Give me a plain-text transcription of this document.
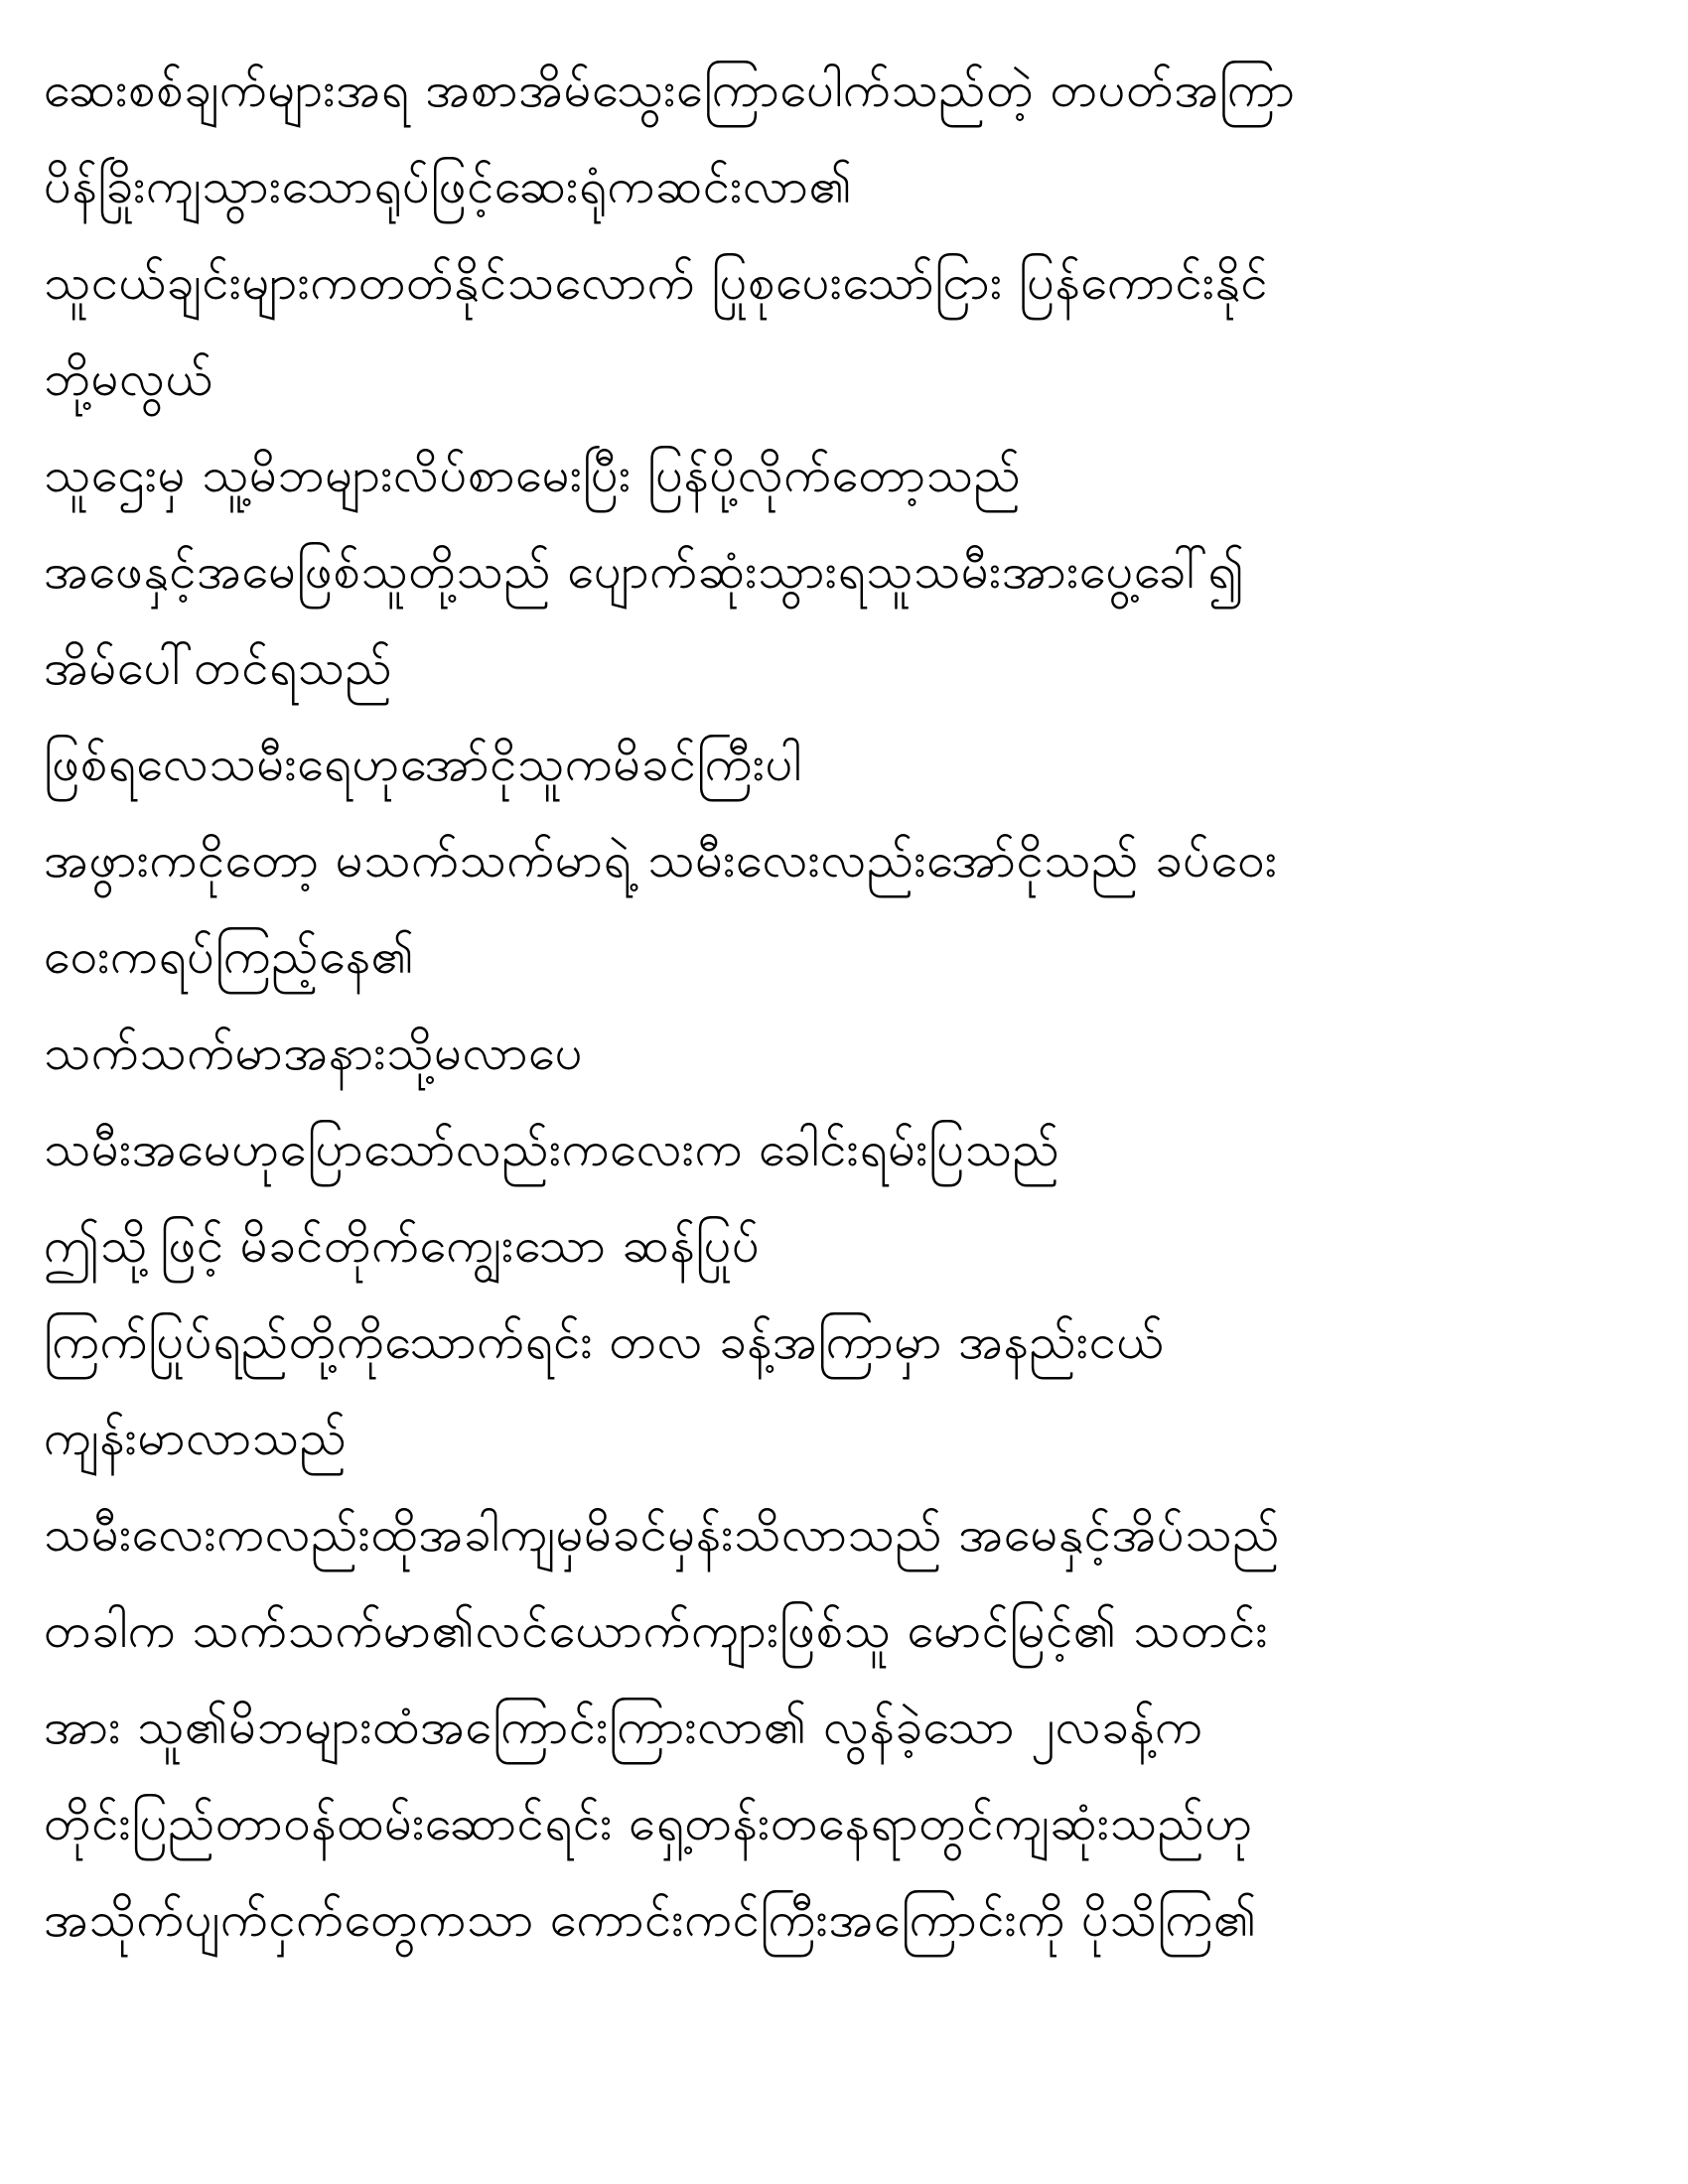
ဆေးစစ်ချက်များအရ အစာအိမ်သွေးကြောပေါက်သည်တဲ့ တပတ်အကြာ
ပိန်ခြိုးကျသွားသောရုပ်ဖြင့်ဆေးရုံကဆင်းလာ၏
သူငယ်ချင်းများကတတ်နိုင်သလောက် ပြုစုပေးသော်ငြား ပြန်ကောင်းနိုင်
ဘို့မလွယ်
သူဌေးမှ သူ့မိဘများလိပ်စာမေးပြီး ပြန်ပို့လိုက်တော့သည်
အဖေနှင့်အမေဖြစ်သူတို့သည် ပျောက်ဆုံးသွားရသူသမီးအားပွေ့ခေါ်၍
အိမ်ပေါ်တင်ရသည်
ဖြစ်ရလေသမီးရေဟုအော်ငိုသူကမိခင်ကြီးပါ
အဖွားကငိုတော့ မသက်သက်မာရဲ့ သမီးလေးလည်းအော်ငိုသည် ခပ်ဝေး
ဝေးကရပ်ကြည့်နေ၏
သက်သက်မာအနားသို့မလာပေ
သမီးအမေဟုပြောသော်လည်းကလေးက ခေါင်းရမ်းပြသည်
ဤသို့ဖြင့် မိခင်တိုက်ကျွေးသော ဆန်ပြုပ်
ကြက်ပြုပ်ရည်တို့ကိုသောက်ရင်း တလ ခန့်အကြာမှာ အနည်းငယ်
ကျန်းမာလာသည်
သမီးလေးကလည်းထိုအခါကျမှမိခင်မှန်းသိလာသည် အမေနှင့်အိပ်သည်
တခါက သက်သက်မာ၏လင်ယောက်ကျားဖြစ်သူ မောင်မြင့်၏ သတင်း
အား သူ၏မိဘများထံအကြောင်းကြားလာ၏ လွန်ခဲ့သော ၂လခန့်က
တိုင်းပြည်တာဝန်ထမ်းဆောင်ရင်း ရှေ့တန်းတနေရာတွင်ကျဆုံးသည်ဟု
အသိုက်ပျက်ငှက်တွေကသာ ကောင်းကင်ကြီးအကြောင်းကို ပိုသိကြ၏
